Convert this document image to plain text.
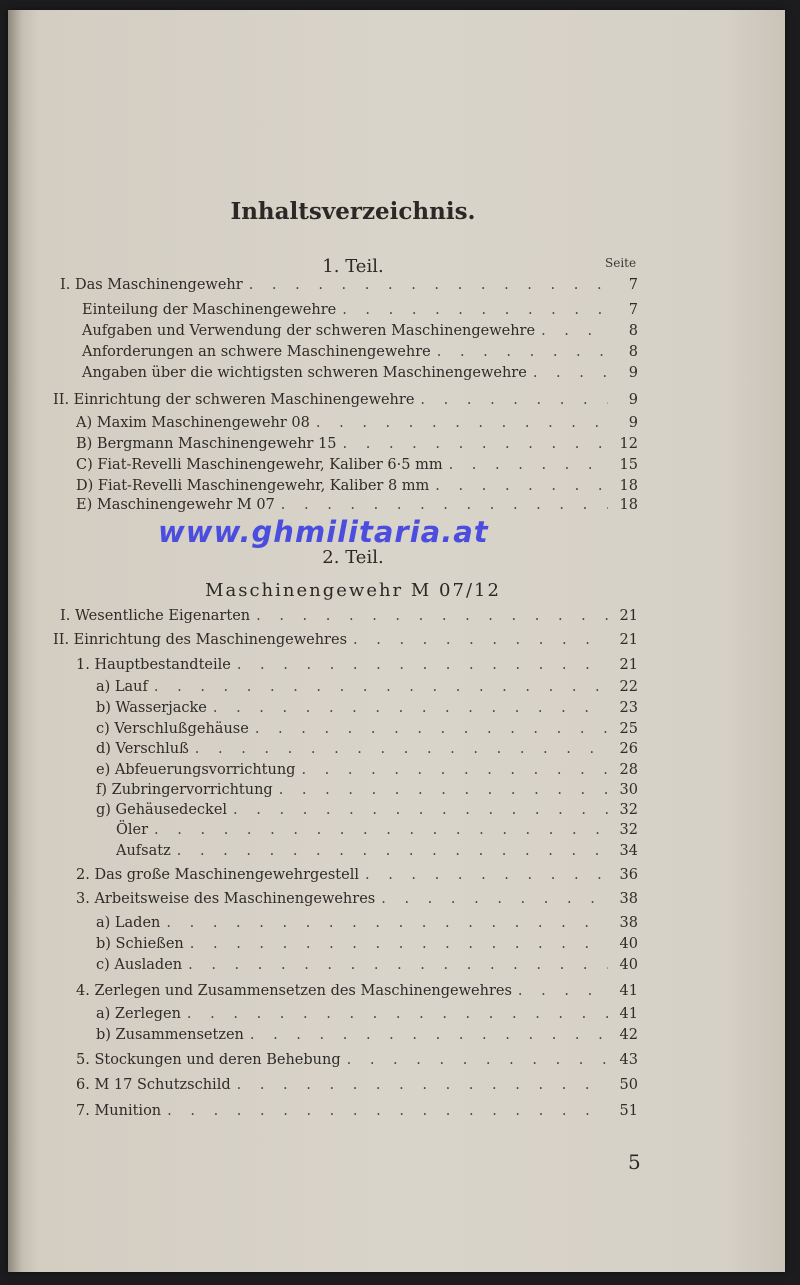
Inhaltsverzeichnis.
1. Teil.	Seite
I. Das Maschinengewehr . . .	7
Einteilung der Maschinengewehre . . .	7
Aufgaben und Verwendung der schweren Maschinengewehre . . .	8
Anforderungen an schwere Maschinengewehre . . .	8
Angaben über die wichtigsten schweren Maschinengewehre . . .	9
II. Einrichtung der schweren Maschinengewehre . . .	9
A) Maxim Maschinengewehr 08 . . .	9
B) Bergmann Maschinengewehr 15 . . .	12
C) Fiat-Revelli Maschinengewehr, Kaliber 6·5 mm . . .	15
D) Fiat-Revelli Maschinengewehr, Kaliber 8 mm . . .	18
E) Maschinengewehr M 07 . . .	18
www.ghmilitaria.at
2. Teil.
Maschinengewehr M 07/12
I. Wesentliche Eigenarten . . .	21
II. Einrichtung des Maschinengewehres . . .	21
1. Hauptbestandteile . . .	21
a) Lauf . . .	22
b) Wasserjacke . . .	23
c) Verschlußgehäuse . . .	25
d) Verschluß . . .	26
e) Abfeuerungsvorrichtung . . .	28
f) Zubringervorrichtung . . .	30
g) Gehäusedeckel . . .	32
Öler . . .	32
Aufsatz . . .	34
2. Das große Maschinengewehrgestell . . .	36
3. Arbeitsweise des Maschinengewehres . . .	38
a) Laden . . .	38
b) Schießen . . .	40
c) Ausladen . . .	40
4. Zerlegen und Zusammensetzen des Maschinengewehres . . .	41
a) Zerlegen . . .	41
b) Zusammensetzen . . .	42
5. Stockungen und deren Behebung . . .	43
6. M 17 Schutzschild . . .	50
7. Munition . . .	51
5
